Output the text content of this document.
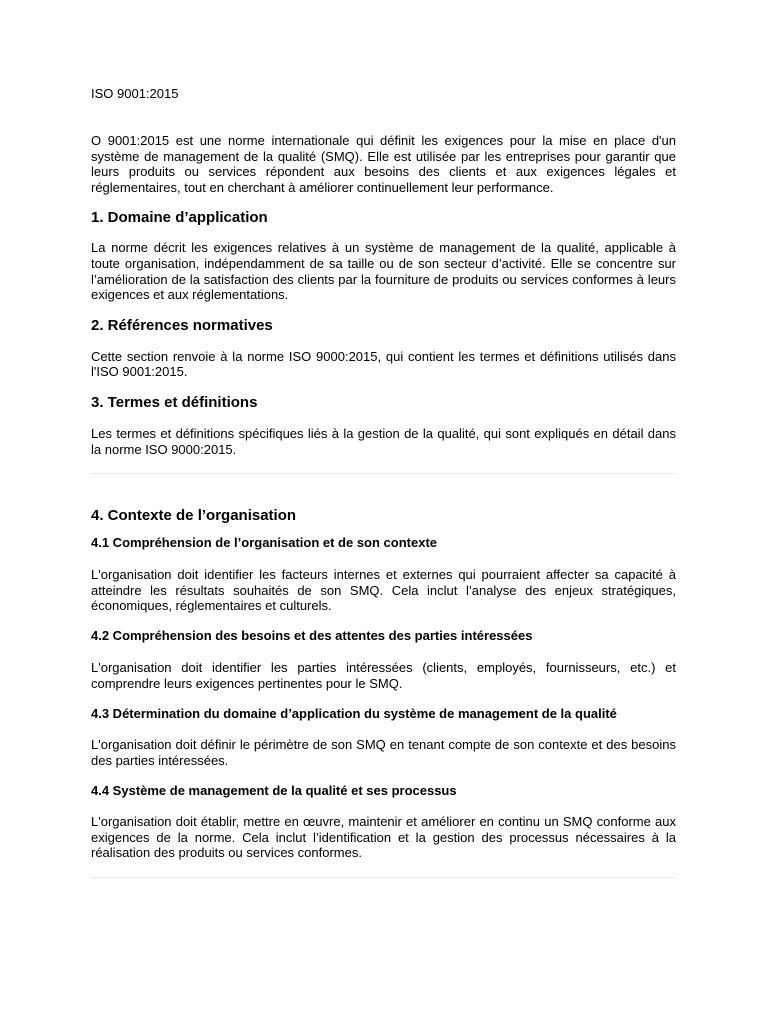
ISO 9001:2015

O 9001:2015 est une norme internationale qui définit les exigences pour la mise en place d'un système de management de la qualité (SMQ). Elle est utilisée par les entreprises pour garantir que leurs produits ou services répondent aux besoins des clients et aux exigences légales et réglementaires, tout en cherchant à améliorer continuellement leur performance.

1. Domaine d’application

La norme décrit les exigences relatives à un système de management de la qualité, applicable à toute organisation, indépendamment de sa taille ou de son secteur d’activité. Elle se concentre sur l’amélioration de la satisfaction des clients par la fourniture de produits ou services conformes à leurs exigences et aux réglementations.

2. Références normatives

Cette section renvoie à la norme ISO 9000:2015, qui contient les termes et définitions utilisés dans l'ISO 9001:2015.

3. Termes et définitions

Les termes et définitions spécifiques liés à la gestion de la qualité, qui sont expliqués en détail dans la norme ISO 9000:2015.

4. Contexte de l’organisation
4.1 Compréhension de l’organisation et de son contexte

L'organisation doit identifier les facteurs internes et externes qui pourraient affecter sa capacité à atteindre les résultats souhaités de son SMQ. Cela inclut l’analyse des enjeux stratégiques, économiques, réglementaires et culturels.

4.2 Compréhension des besoins et des attentes des parties intéressées

L'organisation doit identifier les parties intéressées (clients, employés, fournisseurs, etc.) et comprendre leurs exigences pertinentes pour le SMQ.

4.3 Détermination du domaine d’application du système de management de la qualité

L'organisation doit définir le périmètre de son SMQ en tenant compte de son contexte et des besoins des parties intéressées.

4.4 Système de management de la qualité et ses processus

L'organisation doit établir, mettre en œuvre, maintenir et améliorer en continu un SMQ conforme aux exigences de la norme. Cela inclut l’identification et la gestion des processus nécessaires à la réalisation des produits ou services conformes.
